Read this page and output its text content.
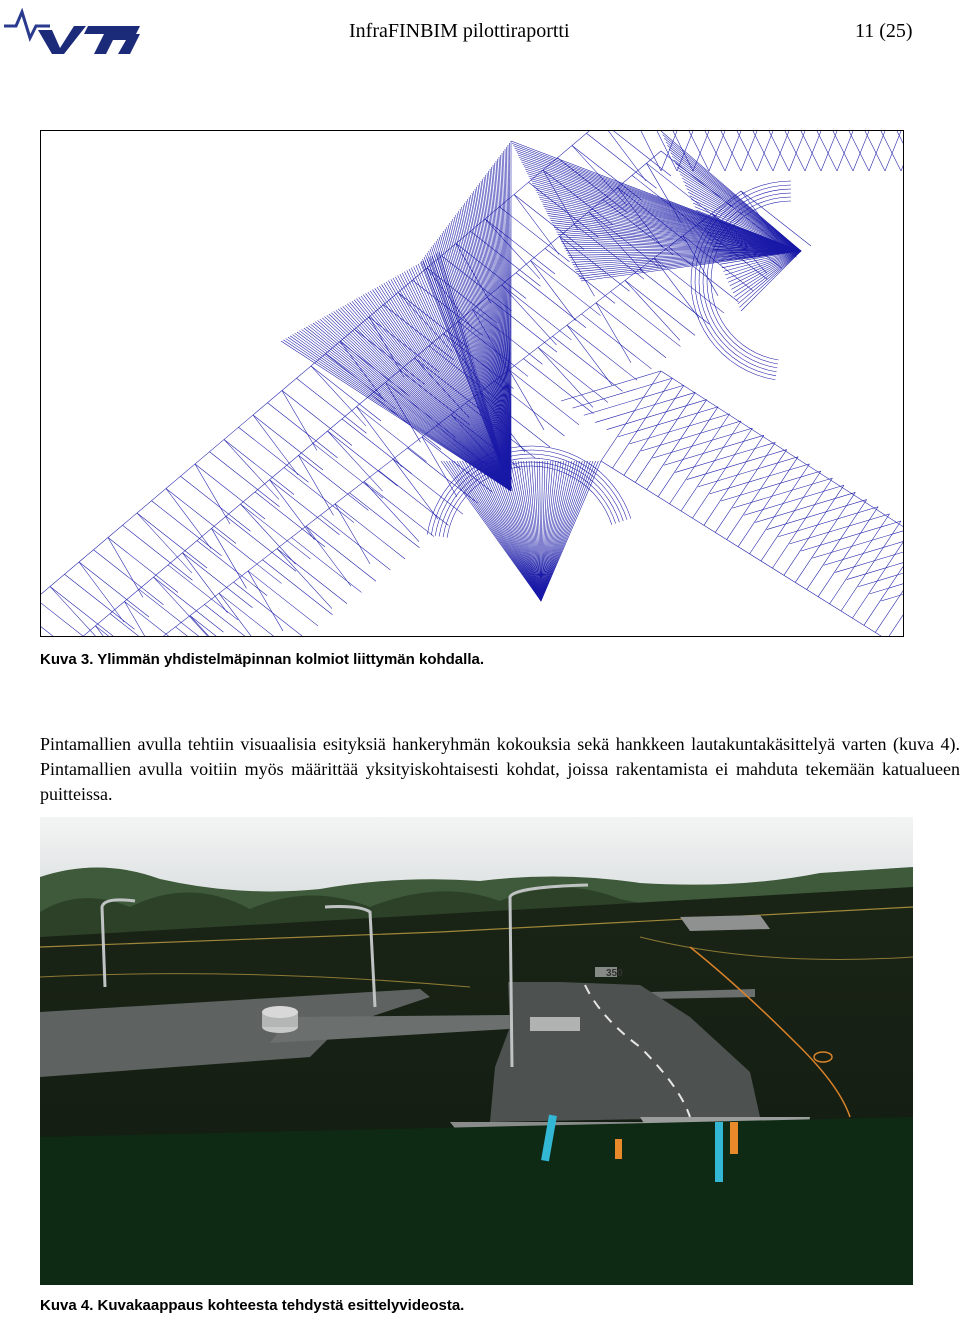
InfraFINBIM pilottiraportti	11 (25)
Kuva 3. Ylimmän yhdistelmäpinnan kolmiot liittymän kohdalla.

Pintamallien avulla tehtiin visuaalisia esityksiä hankeryhmän kokouksia sekä hankkeen lautakuntakäsittelyä varten (kuva 4). Pintamallien avulla voitiin myös määrittää yksityiskohtaisesti kohdat, joissa rakentamista ei mahduta tekemään katualueen puitteissa.

350
Kuva 4. Kuvakaappaus kohteesta tehdystä esittelyvideosta.
